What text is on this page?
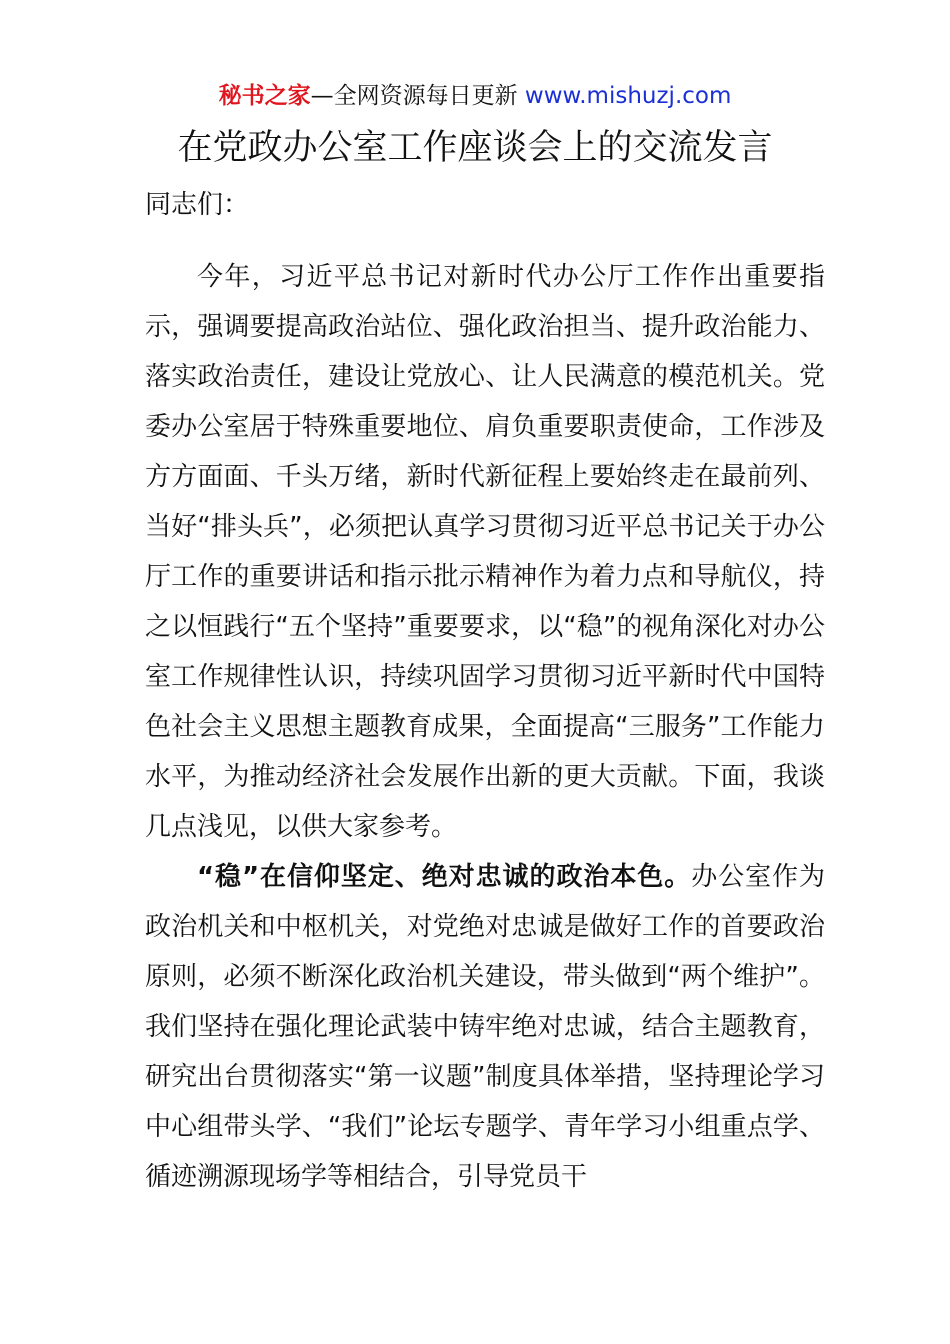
秘书之家—全网资源每日更新 www.mishuzj.com
在党政办公室工作座谈会上的交流发言
同志们：

今年，习近平总书记对新时代办公厅工作作出重要指示，强调要提高政治站位、强化政治担当、提升政治能力、落实政治责任，建设让党放心、让人民满意的模范机关。党委办公室居于特殊重要地位、肩负重要职责使命，工作涉及方方面面、千头万绪，新时代新征程上要始终走在最前列、当好“排头兵”，必须把认真学习贯彻习近平总书记关于办公厅工作的重要讲话和指示批示精神作为着力点和导航仪，持之以恒践行“五个坚持”重要要求，以“稳”的视角深化对办公室工作规律性认识，持续巩固学习贯彻习近平新时代中国特色社会主义思想主题教育成果，全面提高“三服务”工作能力水平，为推动经济社会发展作出新的更大贡献。下面，我谈几点浅见，以供大家参考。

“稳”在信仰坚定、绝对忠诚的政治本色。办公室作为政治机关和中枢机关，对党绝对忠诚是做好工作的首要政治原则，必须不断深化政治机关建设，带头做到“两个维护”。我们坚持在强化理论武装中铸牢绝对忠诚，结合主题教育，研究出台贯彻落实“第一议题”制度具体举措，坚持理论学习中心组带头学、“我们”论坛专题学、青年学习小组重点学、循迹溯源现场学等相结合，引导党员干
